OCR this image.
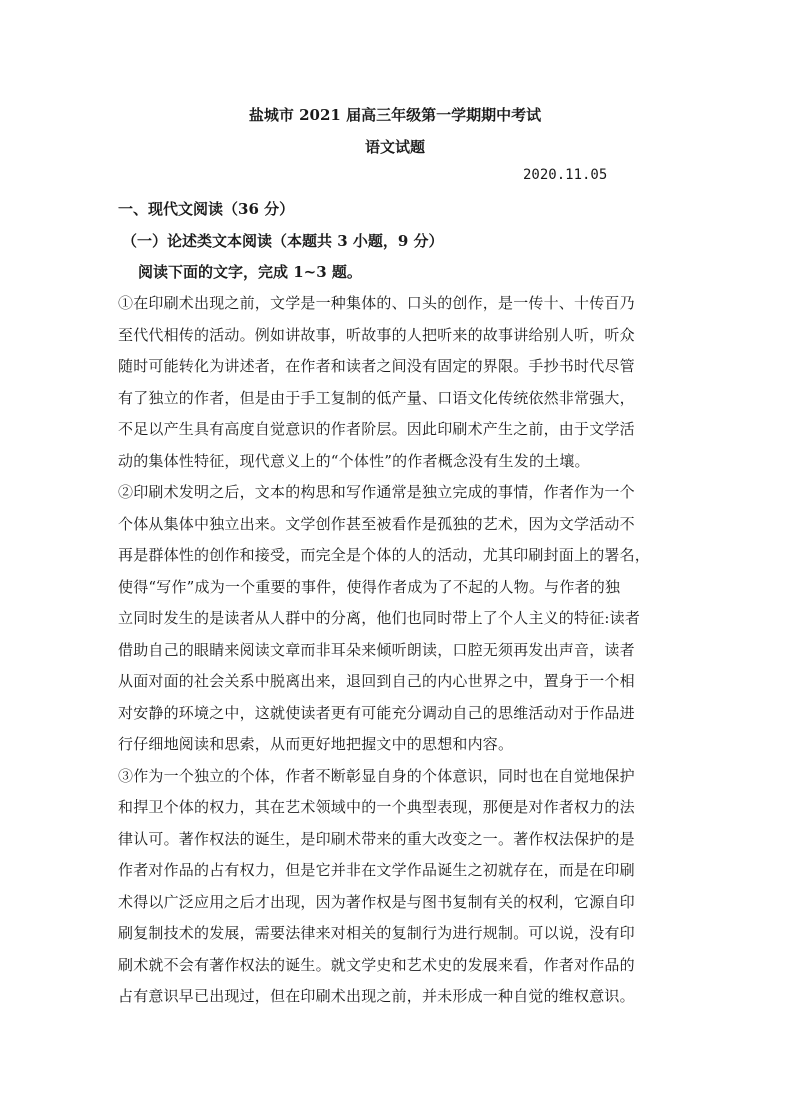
盐城市 2021 届高三年级第一学期期中考试
语文试题
2020.11.05
一、现代文阅读（36 分）
（一）论述类文本阅读（本题共 3 小题，9 分）
阅读下面的文字，完成 1~3 题。
①在印刷术出现之前，文学是一种集体的、口头的创作，是一传十、十传百乃
至代代相传的活动。例如讲故事，听故事的人把听来的故事讲给别人听，听众
随时可能转化为讲述者，在作者和读者之间没有固定的界限。手抄书时代尽管
有了独立的作者，但是由于手工复制的低产量、口语文化传统依然非常强大，
不足以产生具有高度自觉意识的作者阶层。因此印刷术产生之前，由于文学活
动的集体性特征，现代意义上的“个体性”的作者概念没有生发的土壤。
②印刷术发明之后，文本的构思和写作通常是独立完成的事情，作者作为一个
个体从集体中独立出来。文学创作甚至被看作是孤独的艺术，因为文学活动不
再是群体性的创作和接受，而完全是个体的人的活动，尤其印刷封面上的署名，
使得“写作”成为一个重要的事件，使得作者成为了不起的人物。与作者的独
立同时发生的是读者从人群中的分离，他们也同时带上了个人主义的特征:读者
借助自己的眼睛来阅读文章而非耳朵来倾听朗读，口腔无须再发出声音，读者
从面对面的社会关系中脱离出来，退回到自己的内心世界之中，置身于一个相
对安静的环境之中，这就使读者更有可能充分调动自己的思维活动对于作品进
行仔细地阅读和思索，从而更好地把握文中的思想和内容。
③作为一个独立的个体，作者不断彰显自身的个体意识，同时也在自觉地保护
和捍卫个体的权力，其在艺术领域中的一个典型表现，那便是对作者权力的法
律认可。著作权法的诞生，是印刷术带来的重大改变之一。著作权法保护的是
作者对作品的占有权力，但是它并非在文学作品诞生之初就存在，而是在印刷
术得以广泛应用之后才出现，因为著作权是与图书复制有关的权利，它源自印
刷复制技术的发展，需要法律来对相关的复制行为进行规制。可以说，没有印
刷术就不会有著作权法的诞生。就文学史和艺术史的发展来看，作者对作品的
占有意识早已出现过，但在印刷术出现之前，并未形成一种自觉的维权意识。
